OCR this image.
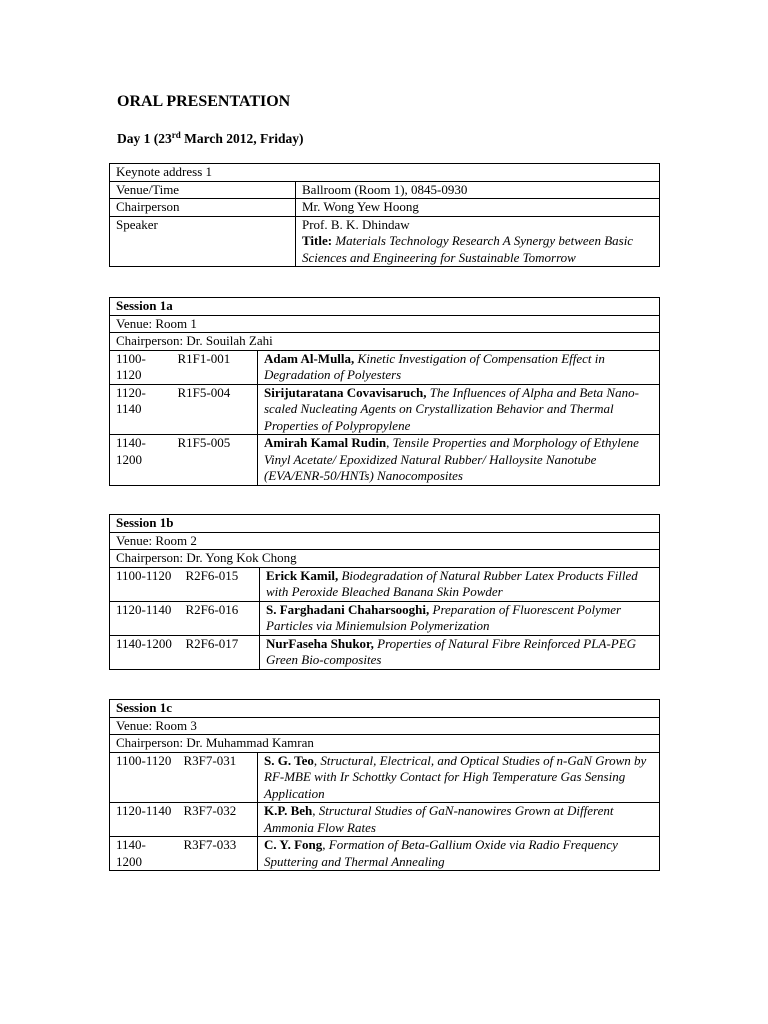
ORAL PRESENTATION
Day 1 (23rd March 2012, Friday)
Keynote address 1	
Venue/Time	Ballroom (Room 1), 0845-0930
Chairperson	Mr. Wong Yew Hoong
Speaker	Prof. B. K. Dhindaw
Title: Materials Technology Research A Synergy between Basic Sciences and Engineering for Sustainable Tomorrow
Session 1a		
Venue: Room 1		
Chairperson: Dr. Souilah Zahi		
1100-1120	R1F1-001	Adam Al-Mulla, Kinetic Investigation of Compensation Effect in Degradation of Polyesters
1120-1140	R1F5-004	Sirijutaratana Covavisaruch, The Influences of Alpha and Beta Nano-scaled Nucleating Agents on Crystallization Behavior and Thermal Properties of Polypropylene
1140-1200	R1F5-005	Amirah Kamal Rudin, Tensile Properties and Morphology of Ethylene Vinyl Acetate/ Epoxidized Natural Rubber/ Halloysite Nanotube (EVA/ENR-50/HNTs) Nanocomposites
Session 1b		
Venue: Room 2		
Chairperson: Dr. Yong Kok Chong		
1100-1120	R2F6-015	Erick Kamil, Biodegradation of Natural Rubber Latex Products Filled with Peroxide Bleached Banana Skin Powder
1120-1140	R2F6-016	S. Farghadani Chaharsooghi, Preparation of Fluorescent Polymer Particles via Miniemulsion Polymerization
1140-1200	R2F6-017	NurFaseha Shukor, Properties of Natural Fibre Reinforced PLA-PEG Green Bio-composites
Session 1c		
Venue: Room 3		
Chairperson: Dr. Muhammad Kamran		
1100-1120	R3F7-031	S. G. Teo, Structural, Electrical, and Optical Studies of n-GaN Grown by RF-MBE with Ir Schottky Contact for High Temperature Gas Sensing Application
1120-1140	R3F7-032	K.P. Beh, Structural Studies of GaN-nanowires Grown at Different Ammonia Flow Rates
1140-1200	R3F7-033	C. Y. Fong, Formation of Beta-Gallium Oxide via Radio Frequency Sputtering and Thermal Annealing
